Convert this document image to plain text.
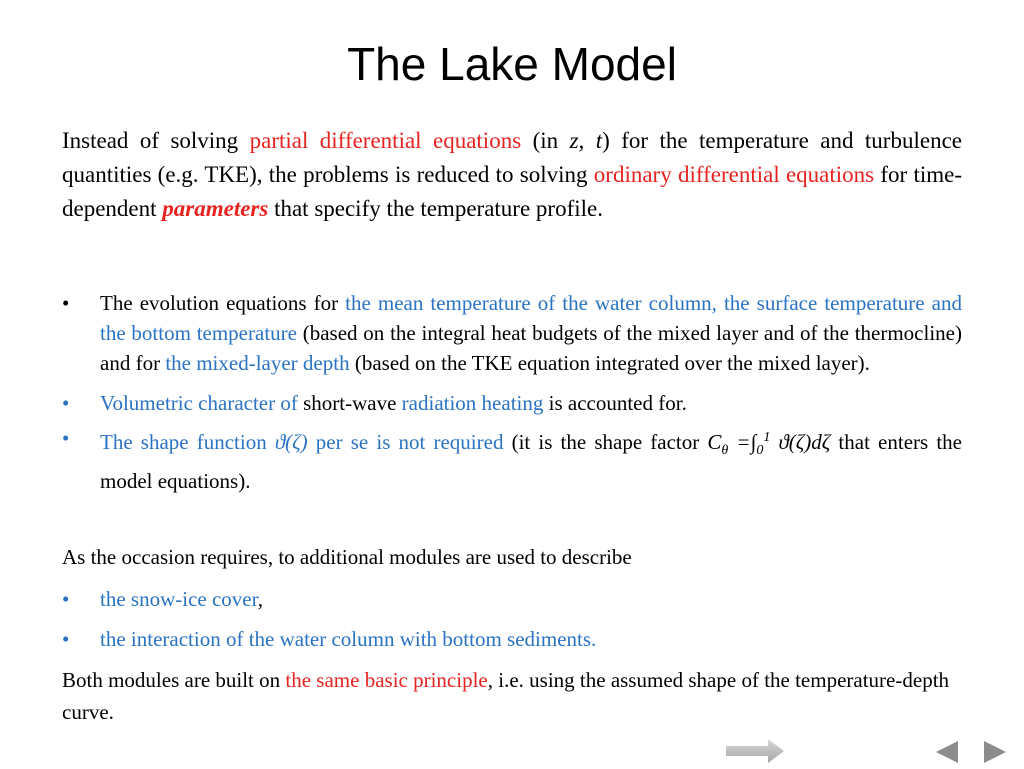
The Lake Model
Instead of solving partial differential equations (in z, t) for the temperature and turbulence quantities (e.g. TKE), the problems is reduced to solving ordinary differential equations for time-dependent parameters that specify the temperature profile.
•	The evolution equations for the mean temperature of the water column, the surface temperature and the bottom temperature (based on the integral heat budgets of the mixed layer and of the thermocline) and for the mixed-layer depth (based on the TKE equation integrated over the mixed layer).
•	Volumetric character of short-wave radiation heating is accounted for.
•	The shape function ϑ(ζ) per se is not required (it is the shape factor $C_\theta =\int_0^1$ ϑ(ζ)dζ that enters the model equations).
As the occasion requires, to additional modules are used to describe
•	the snow-ice cover,
•	the interaction of the water column with bottom sediments.
Both modules are built on the same basic principle, i.e. using the assumed shape of the temperature-depth curve.
